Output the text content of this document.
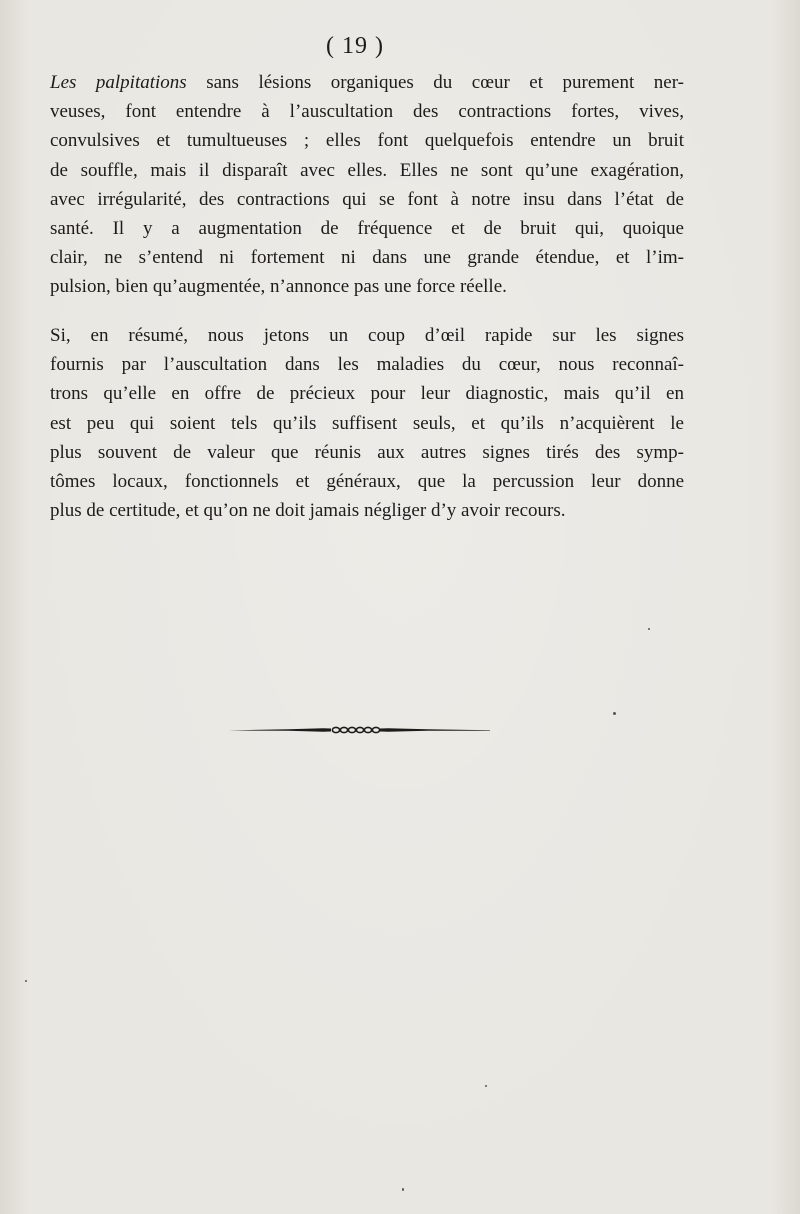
( 19 )

Les palpitations sans lésions organiques du cœur et purement ner-
veuses, font entendre à l’auscultation des contractions fortes, vives,
convulsives et tumultueuses ; elles font quelquefois entendre un bruit
de souffle, mais il disparaît avec elles. Elles ne sont qu’une exagération,
avec irrégularité, des contractions qui se font à notre insu dans l’état de
santé. Il y a augmentation de fréquence et de bruit qui, quoique
clair, ne s’entend ni fortement ni dans une grande étendue, et l’im-
pulsion, bien qu’augmentée, n’annonce pas une force réelle.

Si, en résumé, nous jetons un coup d’œil rapide sur les signes
fournis par l’auscultation dans les maladies du cœur, nous reconnaî-
trons qu’elle en offre de précieux pour leur diagnostic, mais qu’il en
est peu qui soient tels qu’ils suffisent seuls, et qu’ils n’acquièrent le
plus souvent de valeur que réunis aux autres signes tirés des symp-
tômes locaux, fonctionnels et généraux, que la percussion leur donne
plus de certitude, et qu’on ne doit jamais négliger d’y avoir recours.
